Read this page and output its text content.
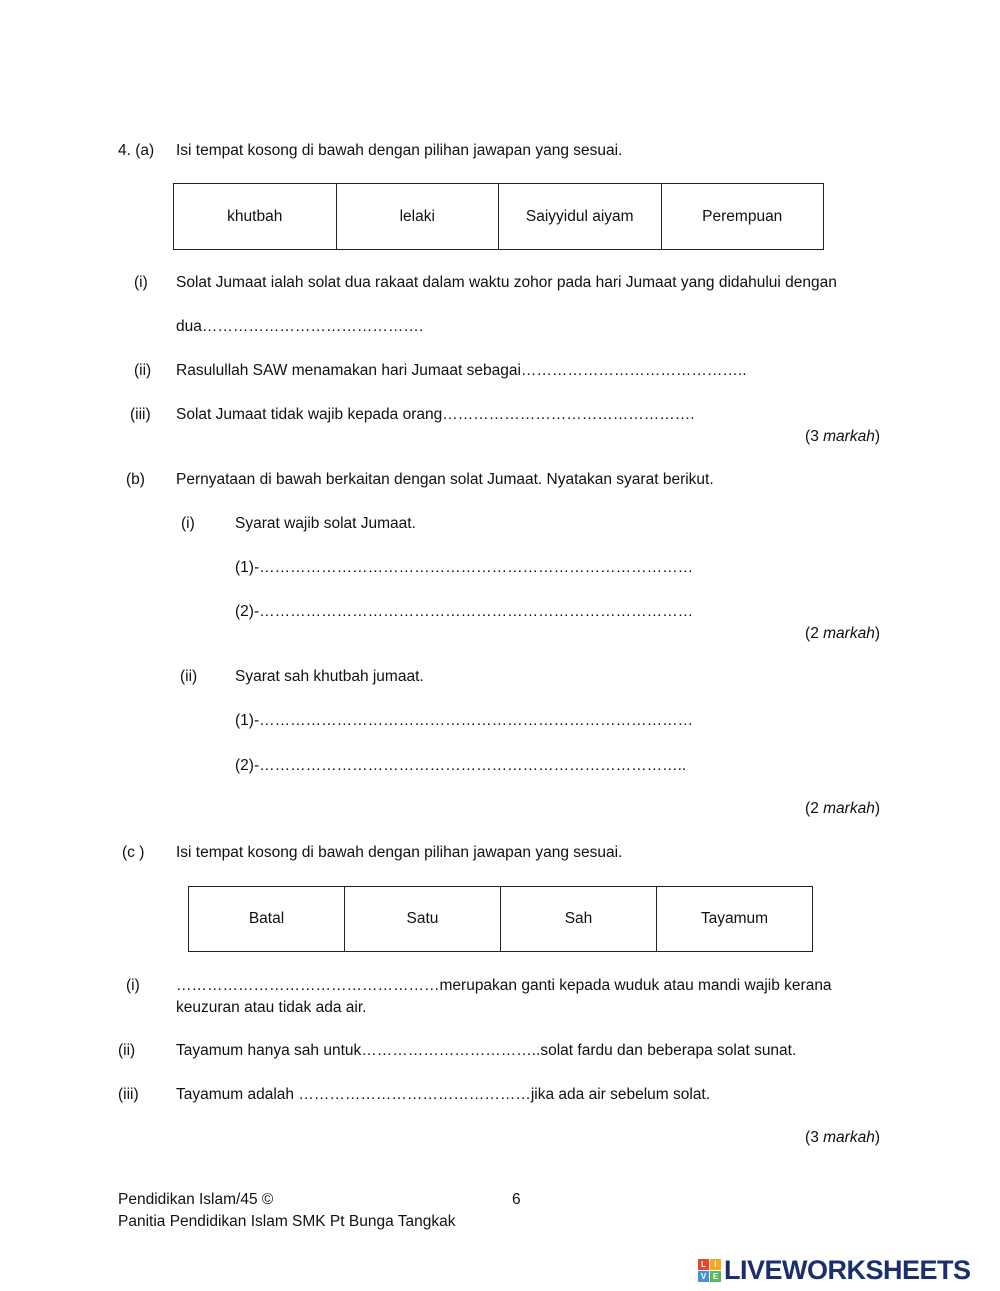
4. (a) Isi tempat kosong di bawah dengan pilihan jawapan yang sesuai.
khutbah	lelaki	Saiyyidul aiyam	Perempuan
(i) Solat Jumaat ialah solat dua rakaat dalam waktu zohor pada hari Jumaat yang didahului dengan
dua…………………………………….
(ii) Rasulullah SAW menamakan hari Jumaat sebagai……………………………………..
(iii) Solat Jumaat tidak wajib kepada orang………………………………………….
(3 markah)
(b) Pernyataan di bawah berkaitan dengan solat Jumaat. Nyatakan syarat berikut.
(i)	Syarat wajib solat Jumaat.
(1)-…………………………………………………………………………
(2)-…………………………………………………………………………
(2 markah)
(ii) Syarat sah khutbah jumaat.
(1)-…………………………………………………………………………
(2)-………………………………………………………………………..
(2 markah)
(c ) Isi tempat kosong di bawah dengan pilihan jawapan yang sesuai.
Batal	Satu	Sah	Tayamum
(i) ……………………………………………merupakan ganti kepada wuduk atau mandi wajib kerana
keuzuran atau tidak ada air.
(ii)	Tayamum hanya sah untuk……………………………..solat fardu dan beberapa solat sunat.
(iii) Tayamum adalah ………………………………………jika ada air sebelum solat.
(3 markah)
Pendidikan Islam/45 ©	6
Panitia Pendidikan Islam SMK Pt Bunga Tangkak
L	I
V E LIVEWORKSHEETS
